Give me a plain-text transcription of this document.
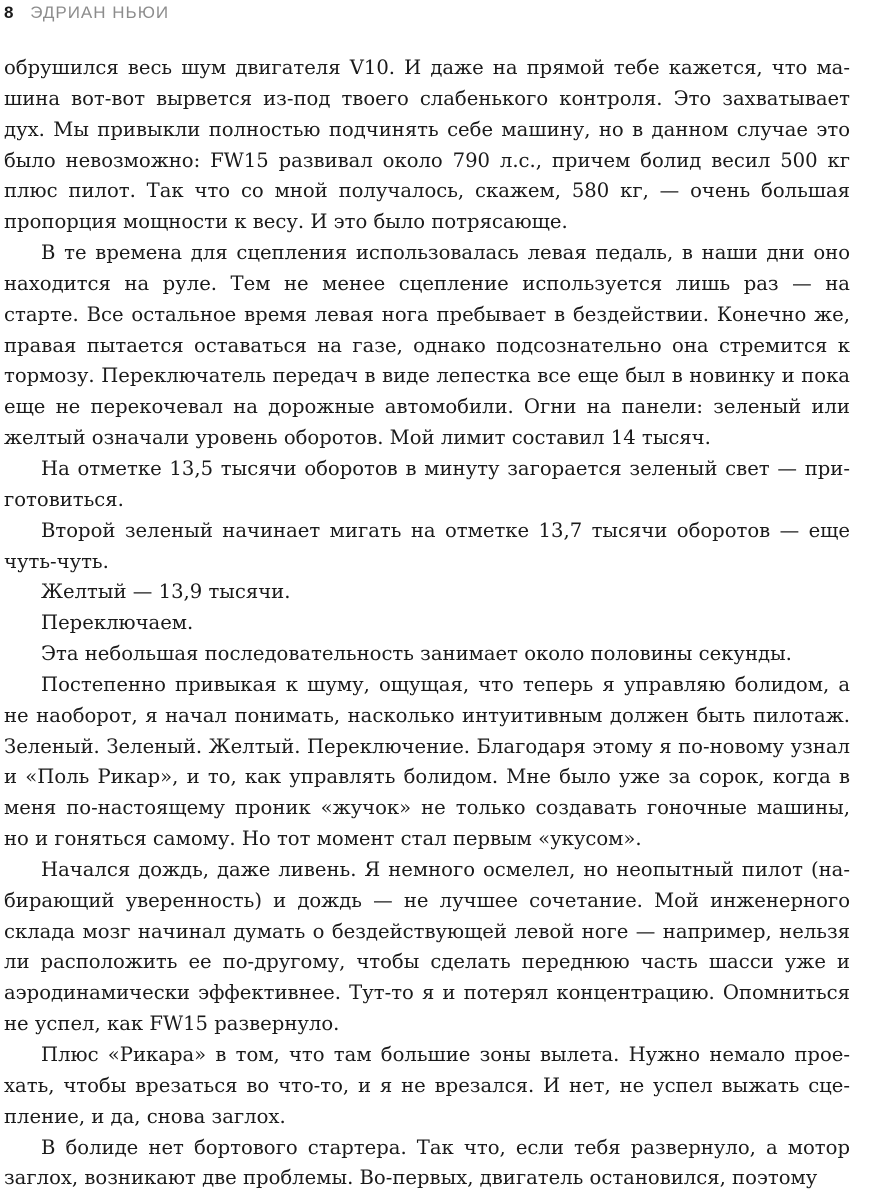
8 ЭДРИАН НЬЮИ

обрушился весь шум двигателя V10. И даже на прямой тебе кажется, что машина вот-вот вырвется из-под твоего слабенького контроля. Это захватывает дух. Мы привыкли полностью подчинять себе машину, но в данном случае это было невозможно: FW15 развивал около 790 л.с., причем болид весил 500 кг плюс пилот. Так что со мной получалось, скажем, 580 кг, — очень большая пропорция мощности к весу. И это было потрясающе.

В те времена для сцепления использовалась левая педаль, в наши дни оно находится на руле. Тем не менее сцепление используется лишь раз — на старте. Все остальное время левая нога пребывает в бездействии. Конечно же, правая пытается оставаться на газе, однако подсознательно она стремится к тормозу. Переключатель передач в виде лепестка все еще был в новинку и пока еще не перекочевал на дорожные автомобили. Огни на панели: зеленый или желтый означали уровень оборотов. Мой лимит составил 14 тысяч.

На отметке 13,5 тысячи оборотов в минуту загорается зеленый свет — приготовиться.

Второй зеленый начинает мигать на отметке 13,7 тысячи оборотов — еще чуть-чуть.

Желтый — 13,9 тысячи.

Переключаем.

Эта небольшая последовательность занимает около половины секунды.

Постепенно привыкая к шуму, ощущая, что теперь я управляю болидом, а не наоборот, я начал понимать, насколько интуитивным должен быть пилотаж. Зеленый. Зеленый. Желтый. Переключение. Благодаря этому я по-новому узнал и «Поль Рикар», и то, как управлять болидом. Мне было уже за сорок, когда в меня по-настоящему проник «жучок» не только создавать гоночные машины, но и гоняться самому. Но тот момент стал первым «укусом».

Начался дождь, даже ливень. Я немного осмелел, но неопытный пилот (набирающий уверенность) и дождь — не лучшее сочетание. Мой инженерного склада мозг начинал думать о бездействующей левой ноге — например, нельзя ли расположить ее по-другому, чтобы сделать переднюю часть шасси уже и аэродинамически эффективнее. Тут-то я и потерял концентрацию. Опомниться не успел, как FW15 развернуло.

Плюс «Рикара» в том, что там большие зоны вылета. Нужно немало проехать, чтобы врезаться во что-то, и я не врезался. И нет, не успел выжать сцепление, и да, снова заглох.

В болиде нет бортового стартера. Так что, если тебя развернуло, а мотор заглох, возникают две проблемы. Во-первых, двигатель остановился, поэтому
